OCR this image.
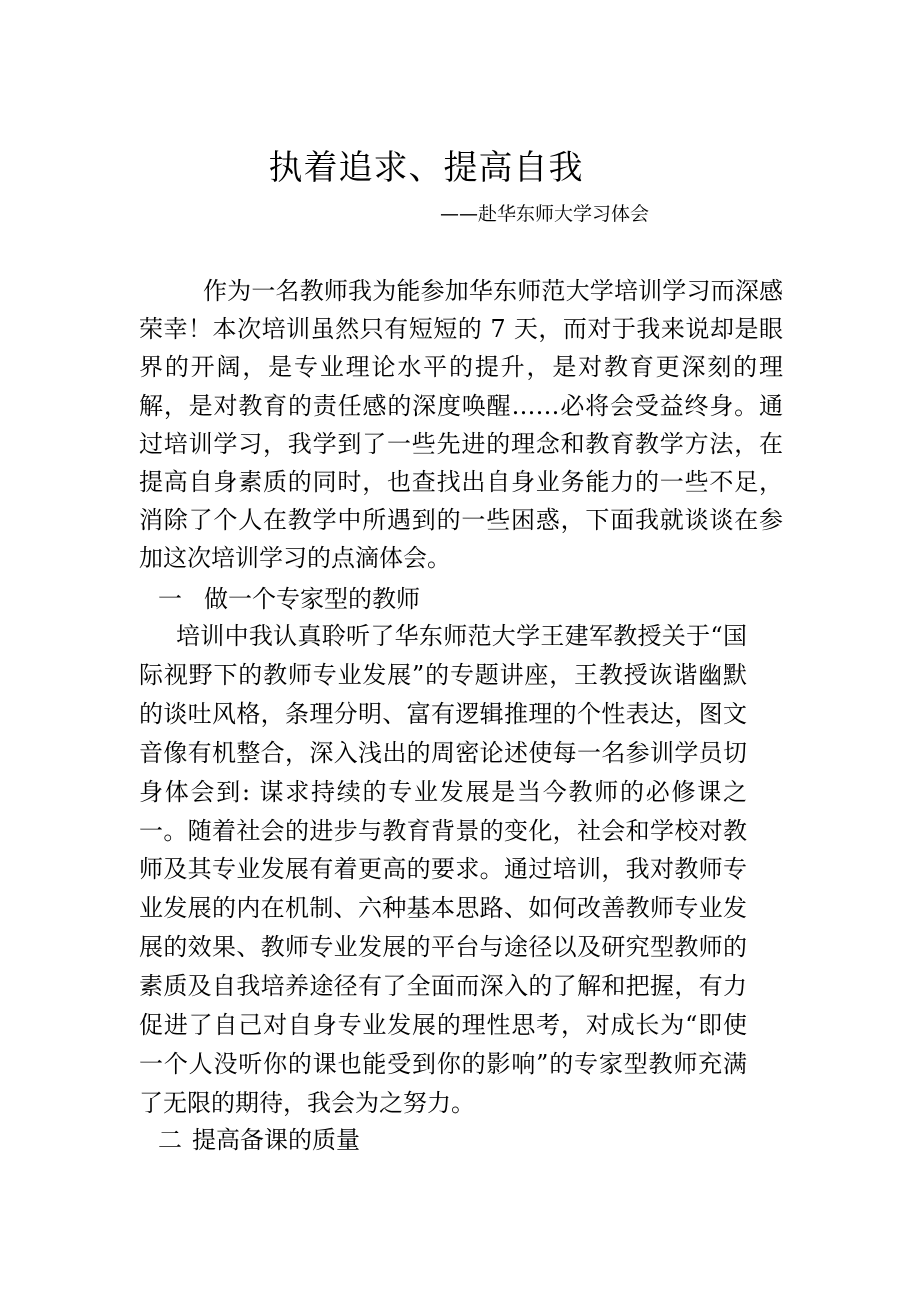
执着追求、提高自我

——赴华东师大学习体会

作为一名教师我为能参加华东师范大学培训学习而深感荣幸！本次培训虽然只有短短的 7 天，而对于我来说却是眼界的开阔，是专业理论水平的提升，是对教育更深刻的理解，是对教育的责任感的深度唤醒……必将会受益终身。通过培训学习，我学到了一些先进的理念和教育教学方法，在提高自身素质的同时，也查找出自身业务能力的一些不足，消除了个人在教学中所遇到的一些困惑，下面我就谈谈在参加这次培训学习的点滴体会。

一 做一个专家型的教师

培训中我认真聆听了华东师范大学王建军教授关于“国际视野下的教师专业发展”的专题讲座，王教授诙谐幽默的谈吐风格，条理分明、富有逻辑推理的个性表达，图文音像有机整合，深入浅出的周密论述使每一名参训学员切身体会到: 谋求持续的专业发展是当今教师的必修课之一。随着社会的进步与教育背景的变化，社会和学校对教师及其专业发展有着更高的要求。通过培训，我对教师专业发展的内在机制、六种基本思路、如何改善教师专业发展的效果、教师专业发展的平台与途径以及研究型教师的素质及自我培养途径有了全面而深入的了解和把握，有力促进了自己对自身专业发展的理性思考，对成长为“即使一个人没听你的课也能受到你的影响”的专家型教师充满了无限的期待，我会为之努力。

二 提高备课的质量
